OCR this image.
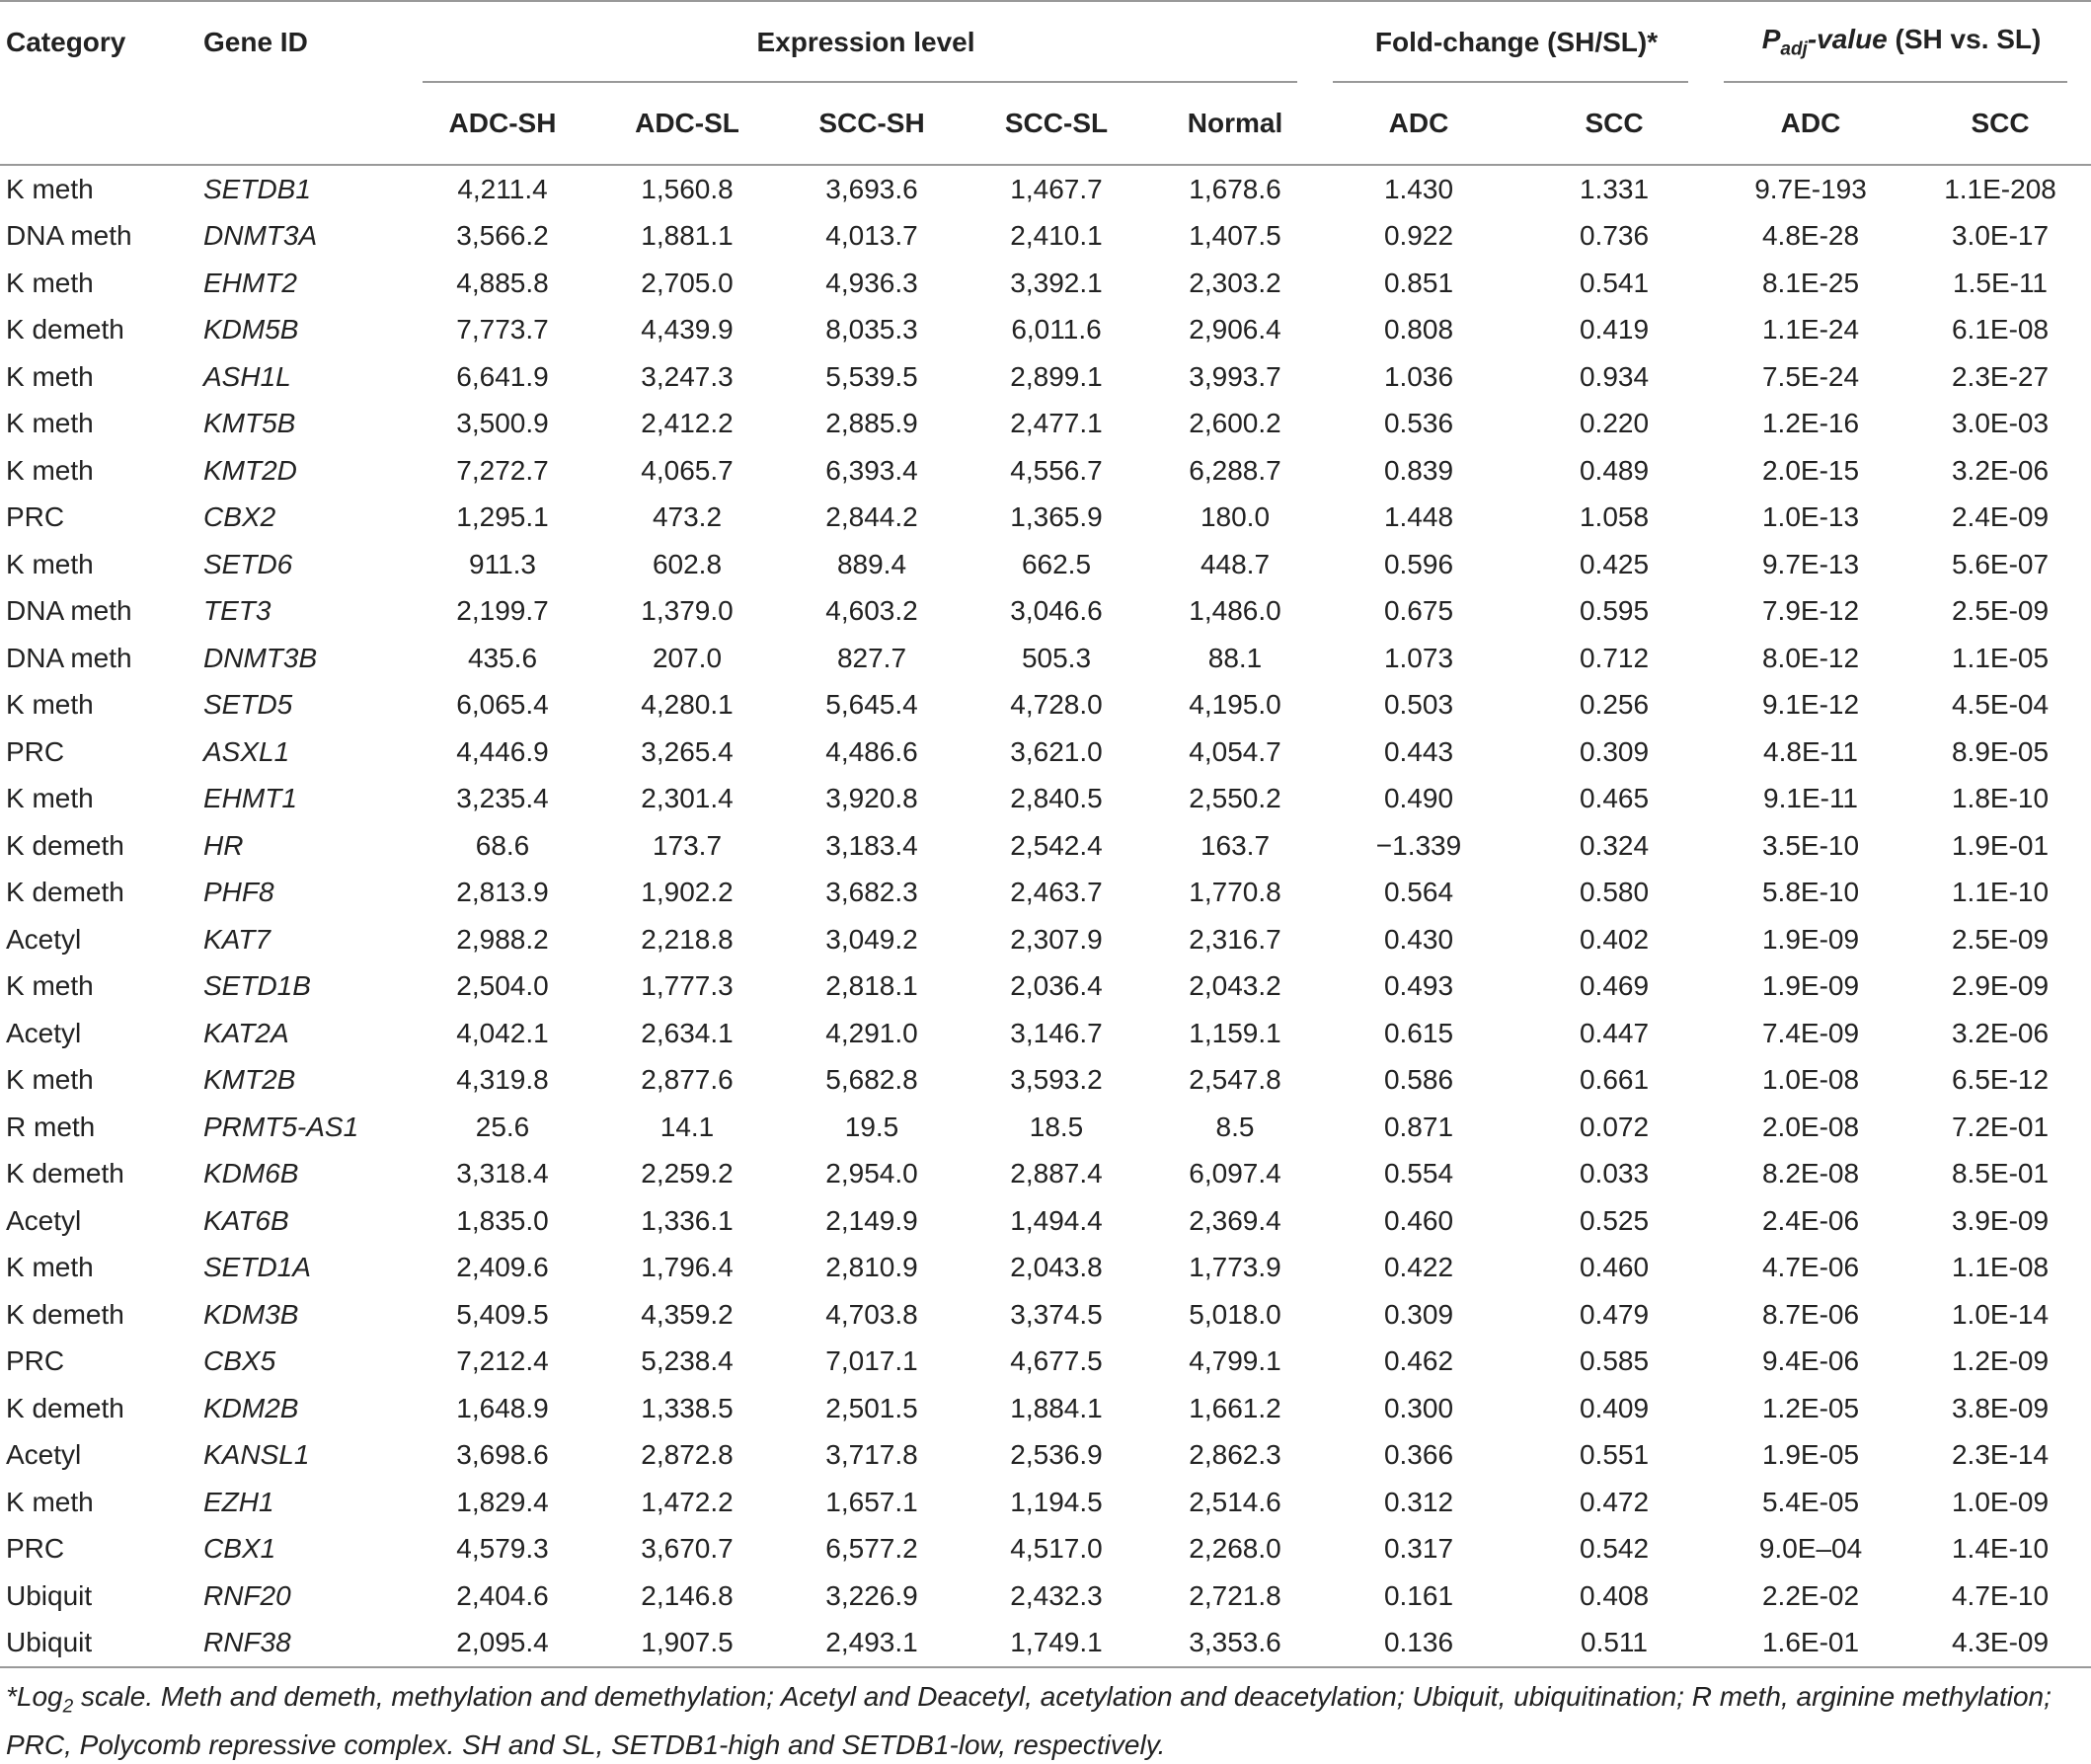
Category	Gene ID	Expression level					Fold-change (SH/SL)*		$P_{adj}$-value (SH vs. SL)	

		ADC-SH	ADC-SL	SCC-SH	SCC-SL	Normal	ADC	SCC	ADC	SCC
K meth	SETDB1	4,211.4	1,560.8	3,693.6	1,467.7	1,678.6	1.430	1.331	9.7E-193	1.1E-208
DNA meth	DNMT3A	3,566.2	1,881.1	4,013.7	2,410.1	1,407.5	0.922	0.736	4.8E-28	3.0E-17
K meth	EHMT2	4,885.8	2,705.0	4,936.3	3,392.1	2,303.2	0.851	0.541	8.1E-25	1.5E-11
K demeth	KDM5B	7,773.7	4,439.9	8,035.3	6,011.6	2,906.4	0.808	0.419	1.1E-24	6.1E-08
K meth	ASH1L	6,641.9	3,247.3	5,539.5	2,899.1	3,993.7	1.036	0.934	7.5E-24	2.3E-27
K meth	KMT5B	3,500.9	2,412.2	2,885.9	2,477.1	2,600.2	0.536	0.220	1.2E-16	3.0E-03
K meth	KMT2D	7,272.7	4,065.7	6,393.4	4,556.7	6,288.7	0.839	0.489	2.0E-15	3.2E-06
PRC	CBX2	1,295.1	473.2	2,844.2	1,365.9	180.0	1.448	1.058	1.0E-13	2.4E-09
K meth	SETD6	911.3	602.8	889.4	662.5	448.7	0.596	0.425	9.7E-13	5.6E-07
DNA meth	TET3	2,199.7	1,379.0	4,603.2	3,046.6	1,486.0	0.675	0.595	7.9E-12	2.5E-09
DNA meth	DNMT3B	435.6	207.0	827.7	505.3	88.1	1.073	0.712	8.0E-12	1.1E-05
K meth	SETD5	6,065.4	4,280.1	5,645.4	4,728.0	4,195.0	0.503	0.256	9.1E-12	4.5E-04
PRC	ASXL1	4,446.9	3,265.4	4,486.6	3,621.0	4,054.7	0.443	0.309	4.8E-11	8.9E-05
K meth	EHMT1	3,235.4	2,301.4	3,920.8	2,840.5	2,550.2	0.490	0.465	9.1E-11	1.8E-10
K demeth	HR	68.6	173.7	3,183.4	2,542.4	163.7	−1.339	0.324	3.5E-10	1.9E-01
K demeth	PHF8	2,813.9	1,902.2	3,682.3	2,463.7	1,770.8	0.564	0.580	5.8E-10	1.1E-10
Acetyl	KAT7	2,988.2	2,218.8	3,049.2	2,307.9	2,316.7	0.430	0.402	1.9E-09	2.5E-09
K meth	SETD1B	2,504.0	1,777.3	2,818.1	2,036.4	2,043.2	0.493	0.469	1.9E-09	2.9E-09
Acetyl	KAT2A	4,042.1	2,634.1	4,291.0	3,146.7	1,159.1	0.615	0.447	7.4E-09	3.2E-06
K meth	KMT2B	4,319.8	2,877.6	5,682.8	3,593.2	2,547.8	0.586	0.661	1.0E-08	6.5E-12
R meth	PRMT5-AS1	25.6	14.1	19.5	18.5	8.5	0.871	0.072	2.0E-08	7.2E-01
K demeth	KDM6B	3,318.4	2,259.2	2,954.0	2,887.4	6,097.4	0.554	0.033	8.2E-08	8.5E-01
Acetyl	KAT6B	1,835.0	1,336.1	2,149.9	1,494.4	2,369.4	0.460	0.525	2.4E-06	3.9E-09
K meth	SETD1A	2,409.6	1,796.4	2,810.9	2,043.8	1,773.9	0.422	0.460	4.7E-06	1.1E-08
K demeth	KDM3B	5,409.5	4,359.2	4,703.8	3,374.5	5,018.0	0.309	0.479	8.7E-06	1.0E-14
PRC	CBX5	7,212.4	5,238.4	7,017.1	4,677.5	4,799.1	0.462	0.585	9.4E-06	1.2E-09
K demeth	KDM2B	1,648.9	1,338.5	2,501.5	1,884.1	1,661.2	0.300	0.409	1.2E-05	3.8E-09
Acetyl	KANSL1	3,698.6	2,872.8	3,717.8	2,536.9	2,862.3	0.366	0.551	1.9E-05	2.3E-14
K meth	EZH1	1,829.4	1,472.2	1,657.1	1,194.5	2,514.6	0.312	0.472	5.4E-05	1.0E-09
PRC	CBX1	4,579.3	3,670.7	6,577.2	4,517.0	2,268.0	0.317	0.542	9.0E–04	1.4E-10
Ubiquit	RNF20	2,404.6	2,146.8	3,226.9	2,432.3	2,721.8	0.161	0.408	2.2E-02	4.7E-10
Ubiquit	RNF38	2,095.4	1,907.5	2,493.1	1,749.1	3,353.6	0.136	0.511	1.6E-01	4.3E-09
*Log$_2$ scale. Meth and demeth, methylation and demethylation; Acetyl and Deacetyl, acetylation and deacetylation; Ubiquit, ubiquitination; R meth, arginine methylation;
PRC, Polycomb repressive complex. SH and SL, SETDB1-high and SETDB1-low, respectively.
